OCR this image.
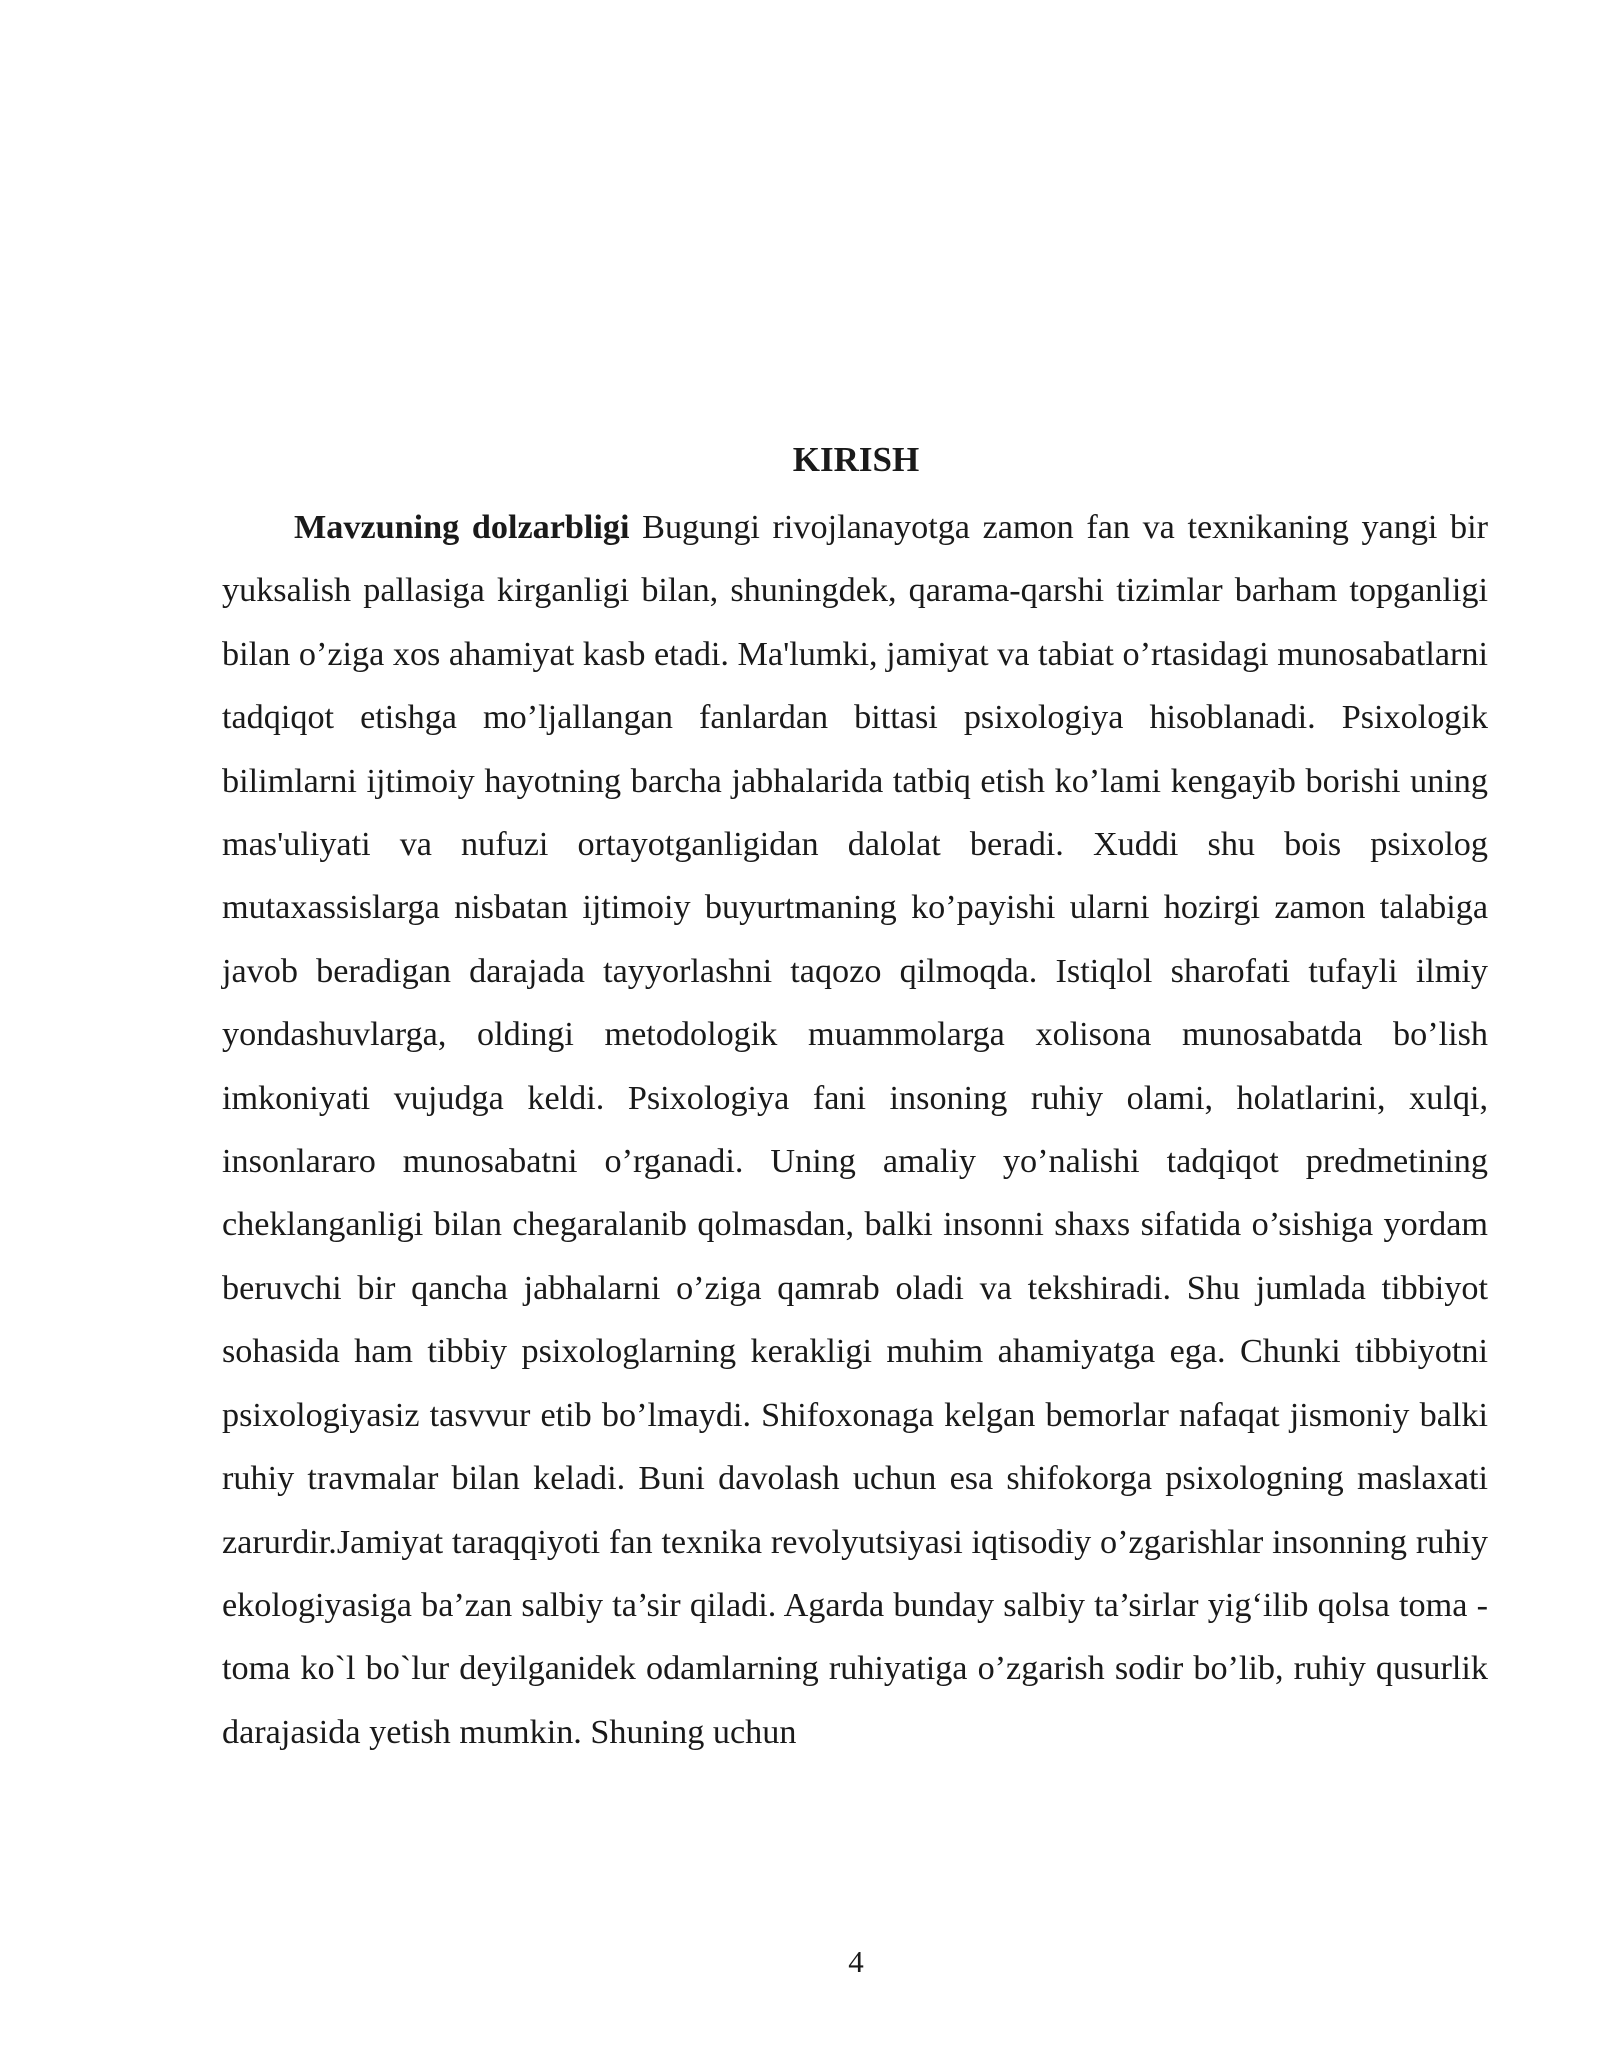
KIRISH

Mavzuning dolzarbligi Bugungi rivojlanayotga zamon fan va texnikaning yangi bir yuksalish pallasiga kirganligi bilan, shuningdek, qarama-qarshi tizimlar barham topganligi bilan o’ziga xos ahamiyat kasb etadi. Ma'lumki, jamiyat va tabiat o’rtasidagi munosabatlarni tadqiqot etishga mo’ljallangan fanlardan bittasi psixologiya hisoblanadi. Psixologik bilimlarni ijtimoiy hayotning barcha jabhalarida tatbiq etish ko’lami kengayib borishi uning mas'uliyati va nufuzi ortayotganligidan dalolat beradi. Xuddi shu bois psixolog mutaxassislarga nisbatan ijtimoiy buyurtmaning ko’payishi ularni hozirgi zamon talabiga javob beradigan darajada tayyorlashni taqozo qilmoqda. Istiqlol sharofati tufayli ilmiy yondashuvlarga, oldingi metodologik muammolarga xolisona munosabatda bo’lish imkoniyati vujudga keldi. Psixologiya fani insoning ruhiy olami, holatlarini, xulqi, insonlararo munosabatni o’rganadi. Uning amaliy yo’nalishi tadqiqot predmetining cheklanganligi bilan chegaralanib qolmasdan, balki insonni shaxs sifatida o’sishiga yordam beruvchi bir qancha jabhalarni o’ziga qamrab oladi va tekshiradi. Shu jumlada tibbiyot sohasida ham tibbiy psixologlarning kerakligi muhim ahamiyatga ega. Chunki tibbiyotni psixologiyasiz tasvvur etib bo’lmaydi. Shifoxonaga kelgan bemorlar nafaqat jismoniy balki ruhiy travmalar bilan keladi. Buni davolash uchun esa shifokorga psixologning maslaxati zarurdir.Jamiyat taraqqiyoti fan texnika revolyutsiyasi iqtisodiy o’zgarishlar insonning ruhiy ekologiyasiga ba’zan salbiy ta’sir qiladi. Agarda bunday salbiy ta’sirlar yig‘ilib qolsa toma - toma ko`l bo`lur deyilganidek odamlarning ruhiyatiga o’zgarish sodir bo’lib, ruhiy qusurlik darajasida yetish mumkin. Shuning uchun

4
